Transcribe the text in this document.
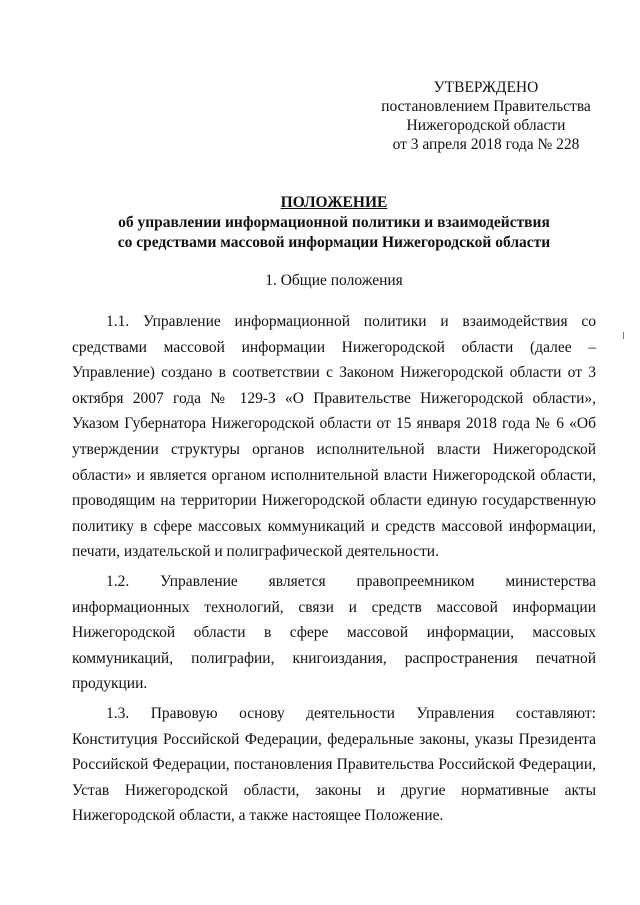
УТВЕРЖДЕНО
постановлением Правительства
Нижегородской области
от 3 апреля 2018 года № 228
ПОЛОЖЕНИЕ
об управлении информационной политики и взаимодействия
со средствами массовой информации Нижегородской области
1. Общие положения

1.1. Управление информационной политики и взаимодействия со средствами массовой информации Нижегородской области (далее – Управление) создано в соответствии с Законом Нижегородской области от 3 октября 2007 года № 129-З «О Правительстве Нижегородской области», Указом Губернатора Нижегородской области от 15 января 2018 года № 6 «Об утверждении структуры органов исполнительной власти Нижегородской области» и является органом исполнительной власти Нижегородской области, проводящим на территории Нижегородской области единую государственную политику в сфере массовых коммуникаций и средств массовой информации, печати, издательской и полиграфической деятельности.

1.2. Управление является правопреемником министерства информационных технологий, связи и средств массовой информации Нижегородской области в сфере массовой информации, массовых коммуникаций, полиграфии, книгоиздания, распространения печатной продукции.

1.3. Правовую основу деятельности Управления составляют: Конституция Российской Федерации, федеральные законы, указы Президента Российской Федерации, постановления Правительства Российской Федерации, Устав Нижегородской области, законы и другие нормативные акты Нижегородской области, а также настоящее Положение.
